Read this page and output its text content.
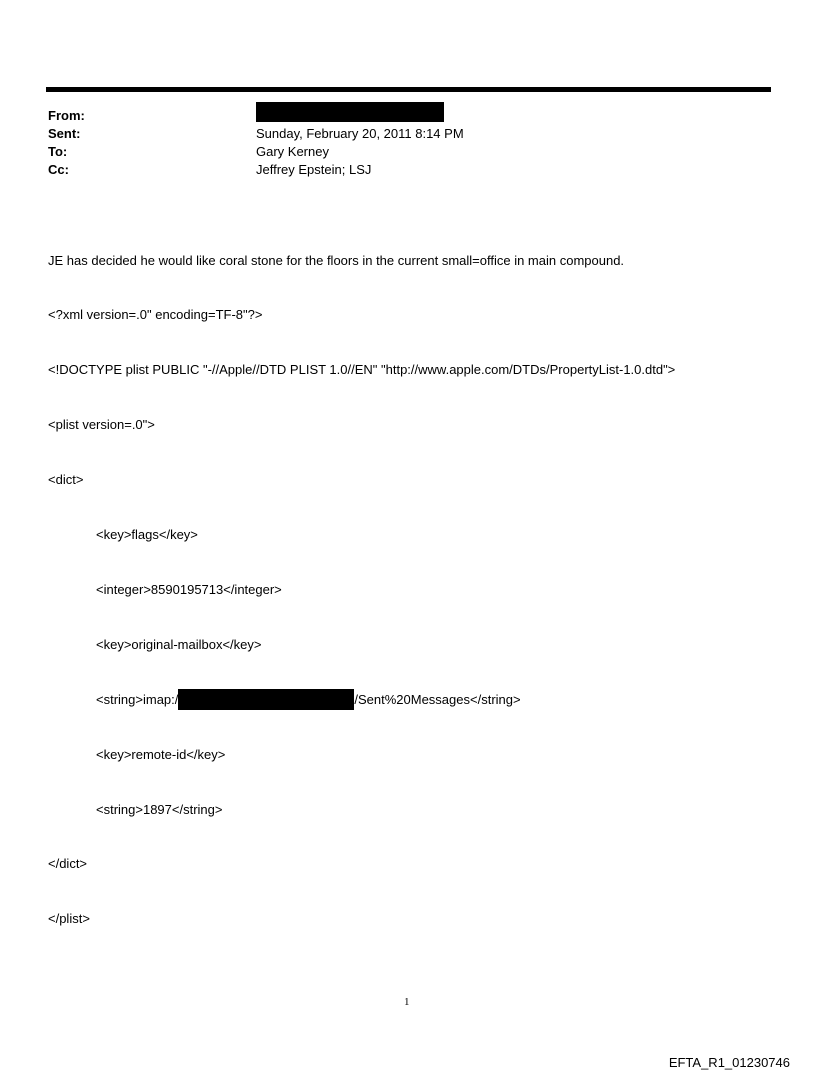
From:
Sent:	Sunday, February 20, 2011 8:14 PM
To:	Gary Kerney
Cc:	Jeffrey Epstein; LSJ

JE has decided he would like coral stone for the floors in the current small=office in main compound.

<?xml version=.0" encoding=TF-8"?>

<!DOCTYPE plist PUBLIC "-//Apple//DTD PLIST 1.0//EN" "http://www.apple.com/DTDs/PropertyList-1.0.dtd">

<plist version=.0">

<dict>

<key>flags</key>

<integer>8590195713</integer>

<key>original-mailbox</key>

<string>imap:/	/Sent%20Messages</string>

<key>remote-id</key>

<string>1897</string>

</dict>

</plist>

1
EFTA_R1_01230746
